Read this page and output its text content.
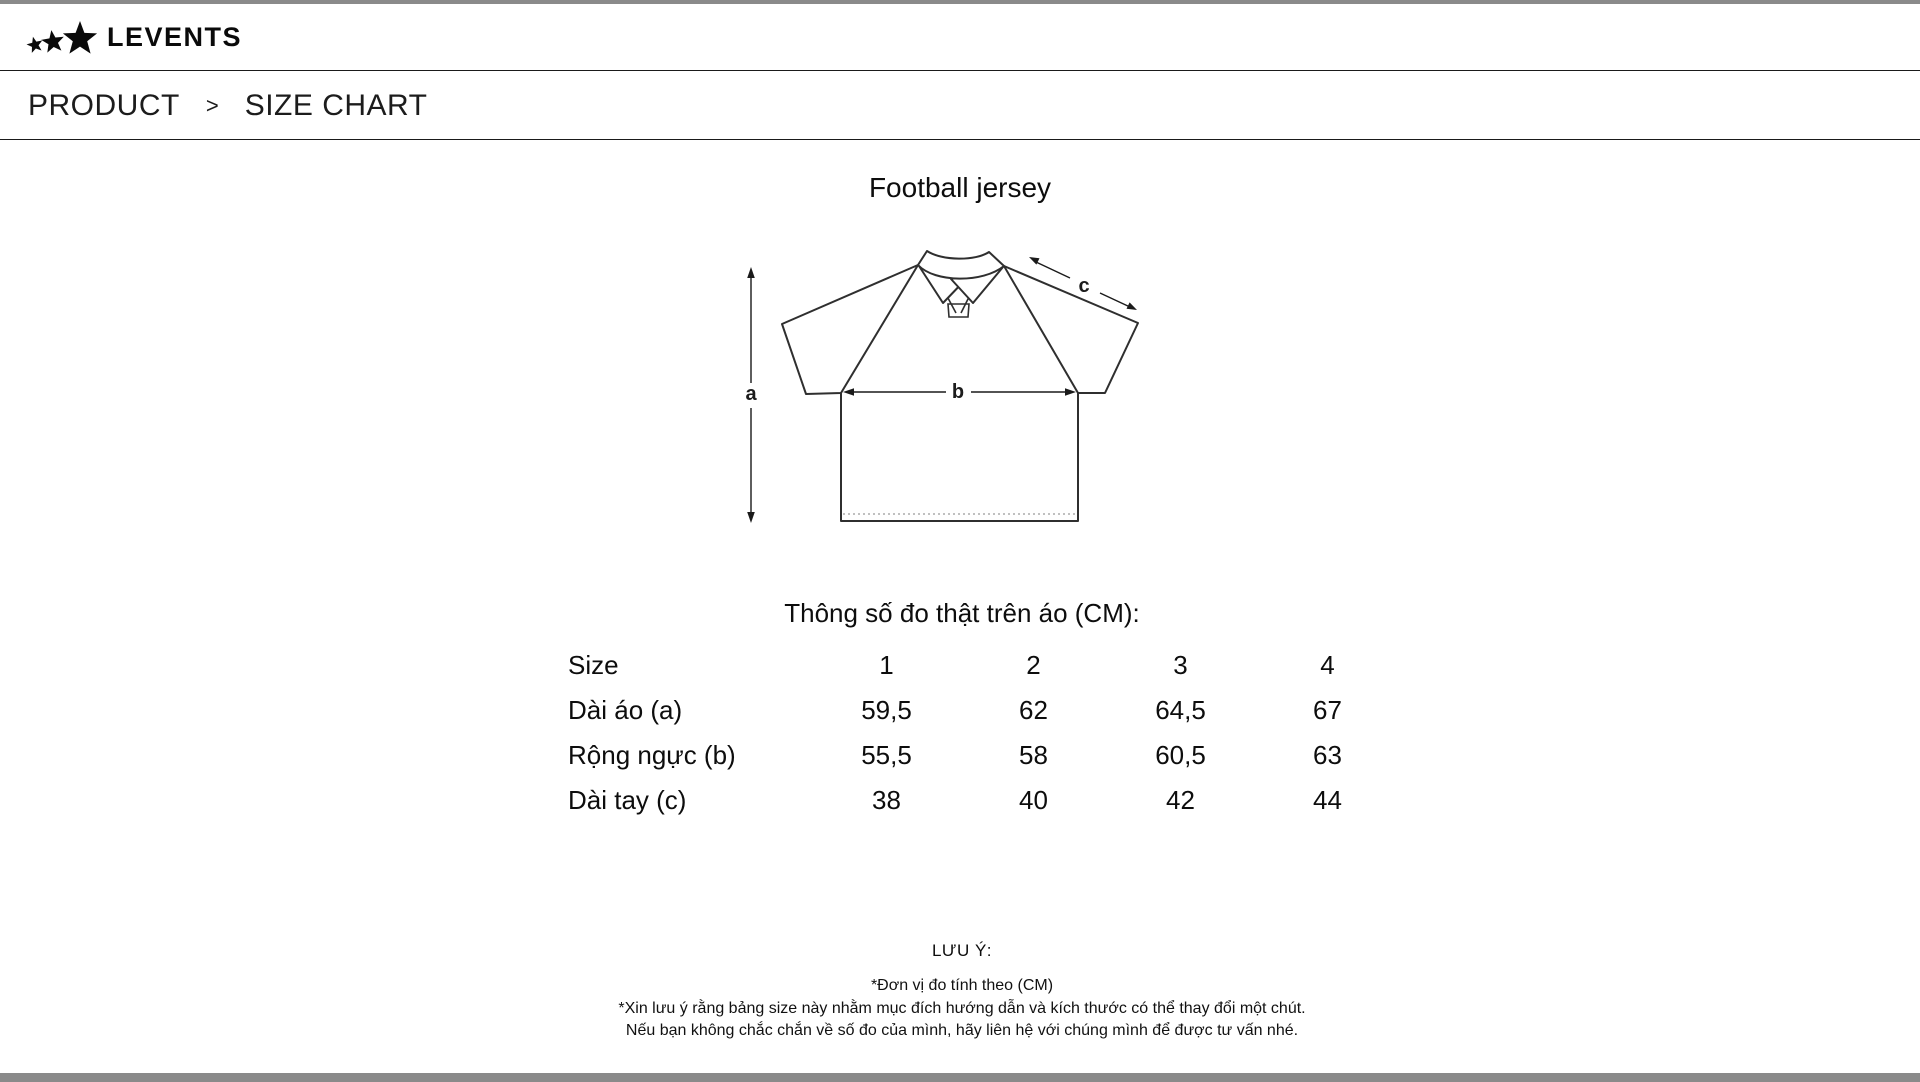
LEVENTS
PRODUCT > SIZE CHART
Football jersey
a	b
c
Thông số đo thật trên áo (CM):
Size	1	2	3	4
Dài áo (a)	59,5	62	64,5	67
Rộng ngực (b)	55,5	58	60,5	63
Dài tay (c)	38	40	42	44
LƯU Ý:
*Đơn vị đo tính theo (CM)
*Xin lưu ý rằng bảng size này nhằm mục đích hướng dẫn và kích thước có thể thay đổi một chút.
Nếu bạn không chắc chắn về số đo của mình, hãy liên hệ với chúng mình để được tư vấn nhé.
